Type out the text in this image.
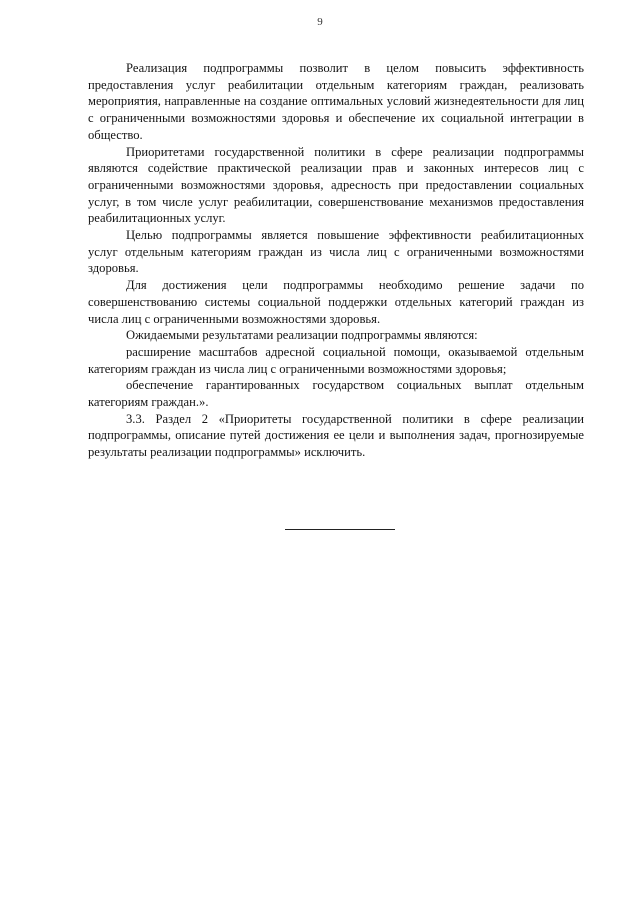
9

Реализация подпрограммы позволит в целом повысить эффективность предоставления услуг реабилитации отдельным категориям граждан, реализовать мероприятия, направленные на создание оптимальных условий жизнедеятельности для лиц с ограниченными возможностями здоровья и обеспечение их социальной интеграции в общество.

Приоритетами государственной политики в сфере реализации подпрограммы являются содействие практической реализации прав и законных интересов лиц с ограниченными возможностями здоровья, адресность при предоставлении социальных услуг, в том числе услуг реабилитации, совершенствование механизмов предоставления реабилитационных услуг.

Целью подпрограммы является повышение эффективности реабилитационных услуг отдельным категориям граждан из числа лиц с ограниченными возможностями здоровья.

Для достижения цели подпрограммы необходимо решение задачи по совершенствованию системы социальной поддержки отдельных категорий граждан из числа лиц с ограниченными возможностями здоровья.

Ожидаемыми результатами реализации подпрограммы являются:

расширение масштабов адресной социальной помощи, оказываемой отдельным категориям граждан из числа лиц с ограниченными возможностями здоровья;

обеспечение гарантированных государством социальных выплат отдельным категориям граждан.».

3.3. Раздел 2 «Приоритеты государственной политики в сфере реализации подпрограммы, описание путей достижения ее цели и выполнения задач, прогнозируемые результаты реализации подпрограммы» исключить.
